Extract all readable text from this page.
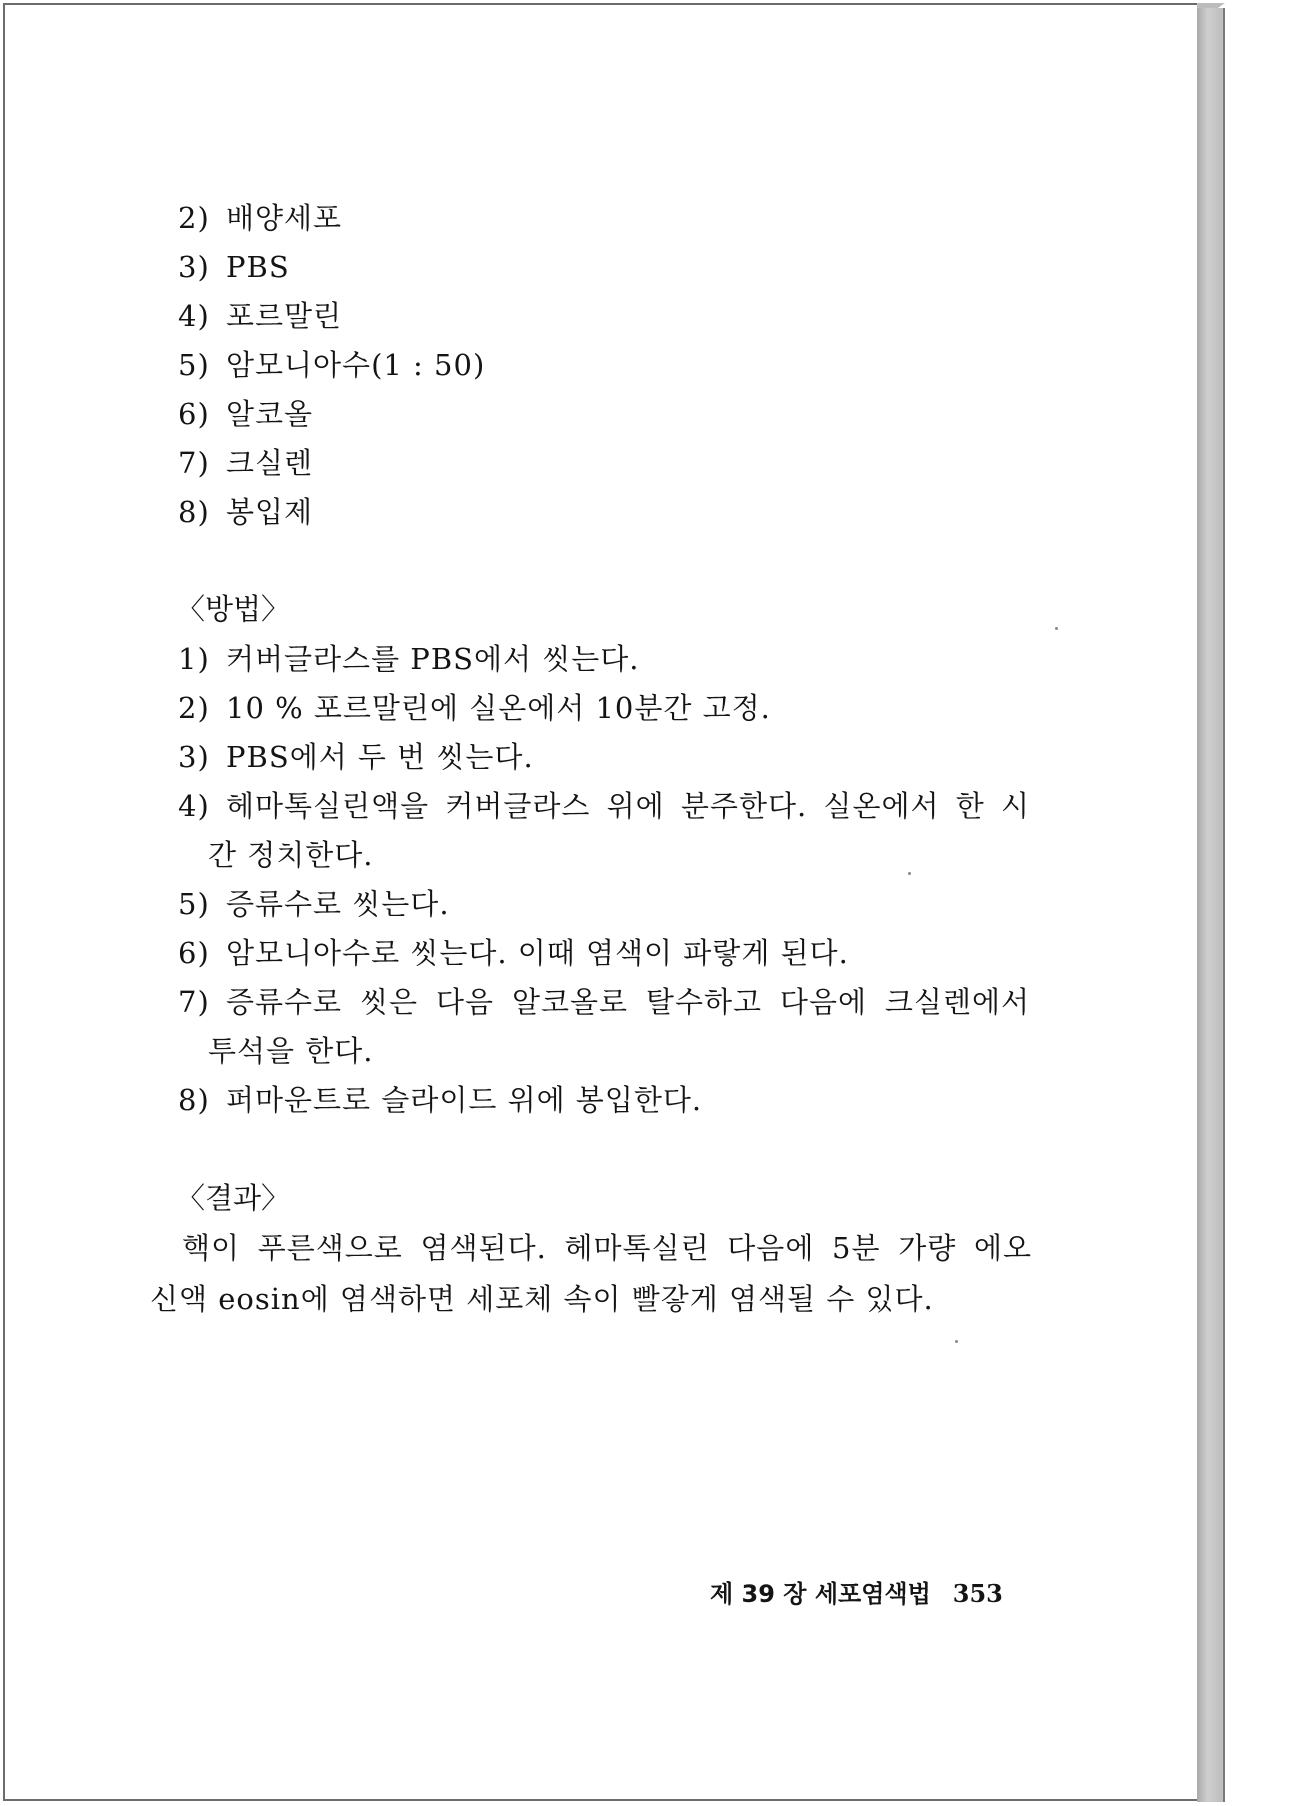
2) 배양세포
3) PBS
4) 포르말린
5) 암모니아수(1 : 50)
6) 알코올
7) 크실렌
8) 봉입제
〈방법〉
1) 커버글라스를 PBS에서 씻는다.
2) 10 % 포르말린에 실온에서 10분간 고정.
3) PBS에서 두 번 씻는다.
4) 헤마톡실린액을 커버글라스 위에 분주한다. 실온에서 한 시
간 정치한다.
5) 증류수로 씻는다.
6) 암모니아수로 씻는다. 이때 염색이 파랗게 된다.
7) 증류수로 씻은 다음 알코올로 탈수하고 다음에 크실렌에서
투석을 한다.
8) 퍼마운트로 슬라이드 위에 봉입한다.
〈결과〉
핵이 푸른색으로 염색된다. 헤마톡실린 다음에 5분 가량 에오
신액 eosin에 염색하면 세포체 속이 빨갛게 염색될 수 있다.
제 39 장 세포염색법 353
